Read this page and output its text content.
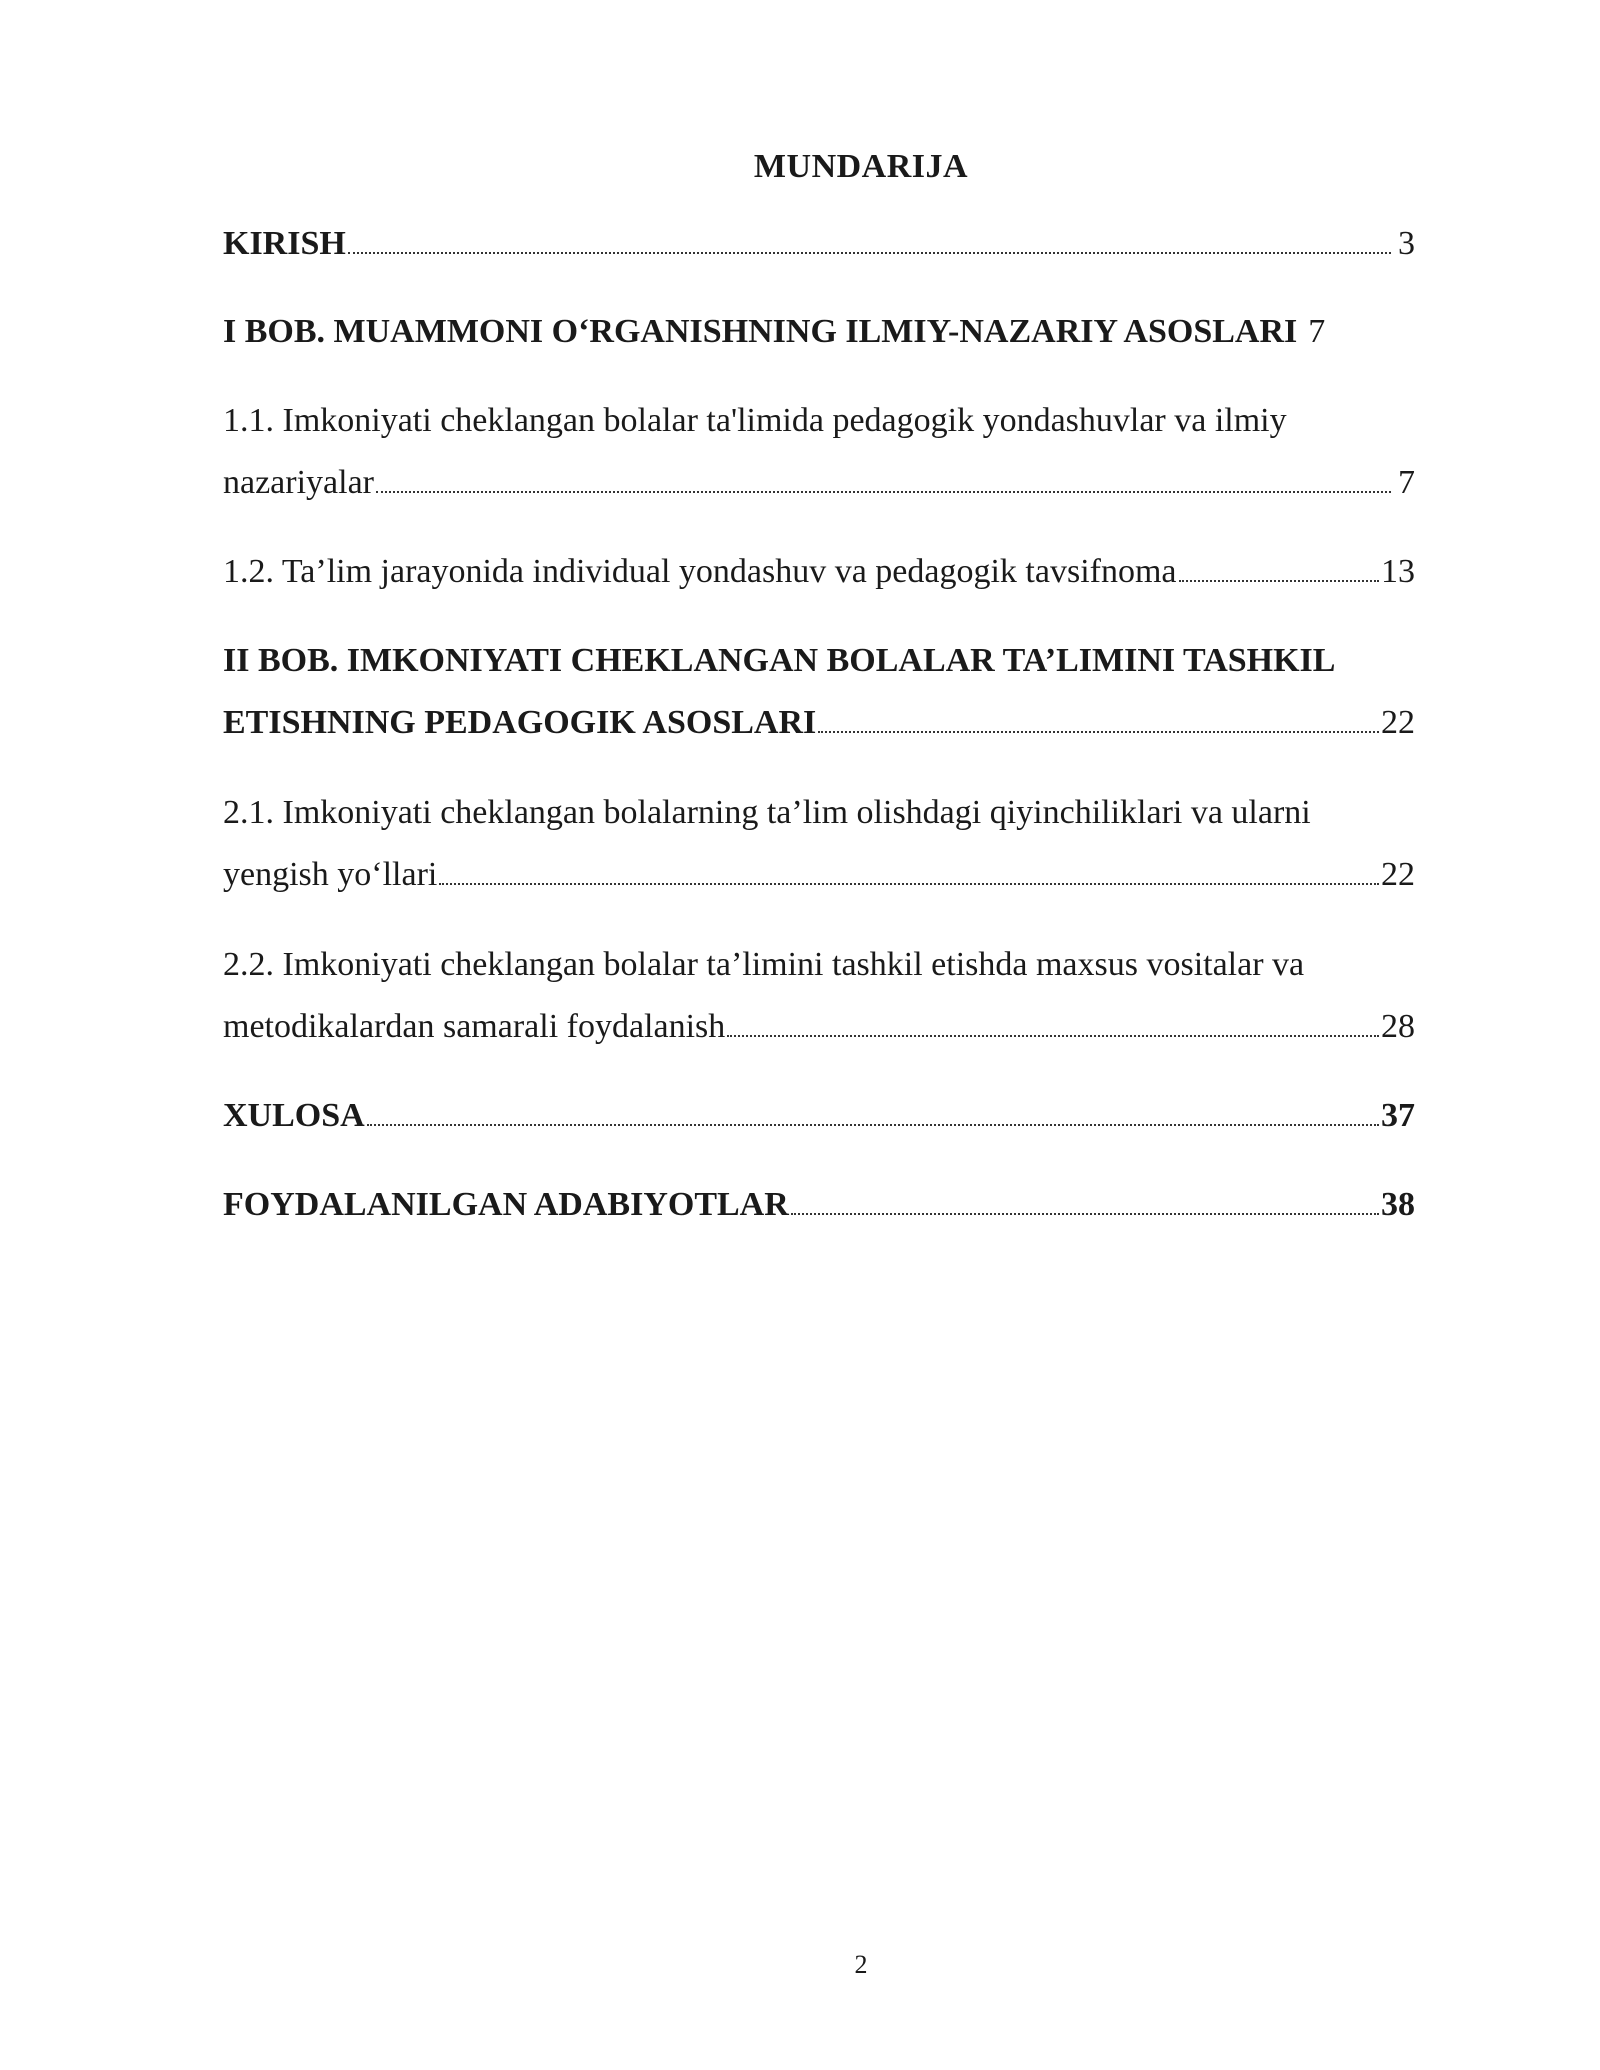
MUNDARIJA
KIRISH	3
I BOB. MUAMMONI O‘RGANISHNING ILMIY-NAZARIY ASOSLARI 7
1.1. Imkoniyati cheklangan bolalar ta'limida pedagogik yondashuvlar va ilmiy
nazariyalar	7
1.2. Ta’lim jarayonida individual yondashuv va pedagogik tavsifnoma	13
II BOB. IMKONIYATI CHEKLANGAN BOLALAR TA’LIMINI TASHKIL
ETISHNING PEDAGOGIK ASOSLARI	22
2.1. Imkoniyati cheklangan bolalarning ta’lim olishdagi qiyinchiliklari va ularni
yengish yo‘llari	22
2.2. Imkoniyati cheklangan bolalar ta’limini tashkil etishda maxsus vositalar va
metodikalardan samarali foydalanish	28
XULOSA	37
FOYDALANILGAN ADABIYOTLAR	38
2
